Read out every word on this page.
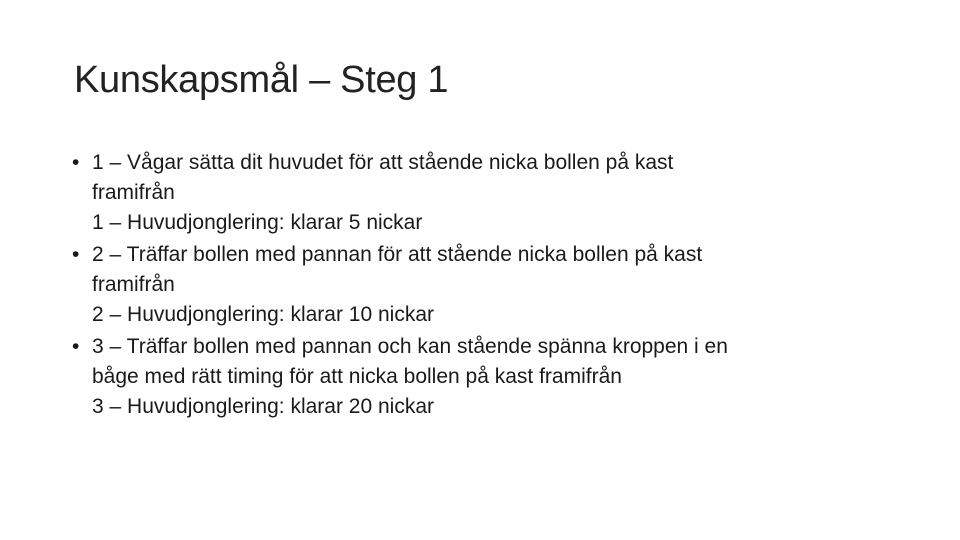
Kunskapsmål – Steg 1
• 1 – Vågar sätta dit huvudet för att stående nicka bollen på kast
framifrån
1 – Huvudjonglering: klarar 5 nickar
• 2 – Träffar bollen med pannan för att stående nicka bollen på kast
framifrån
2 – Huvudjonglering: klarar 10 nickar
• 3 – Träffar bollen med pannan och kan stående spänna kroppen i en
båge med rätt timing för att nicka bollen på kast framifrån
3 – Huvudjonglering: klarar 20 nickar
